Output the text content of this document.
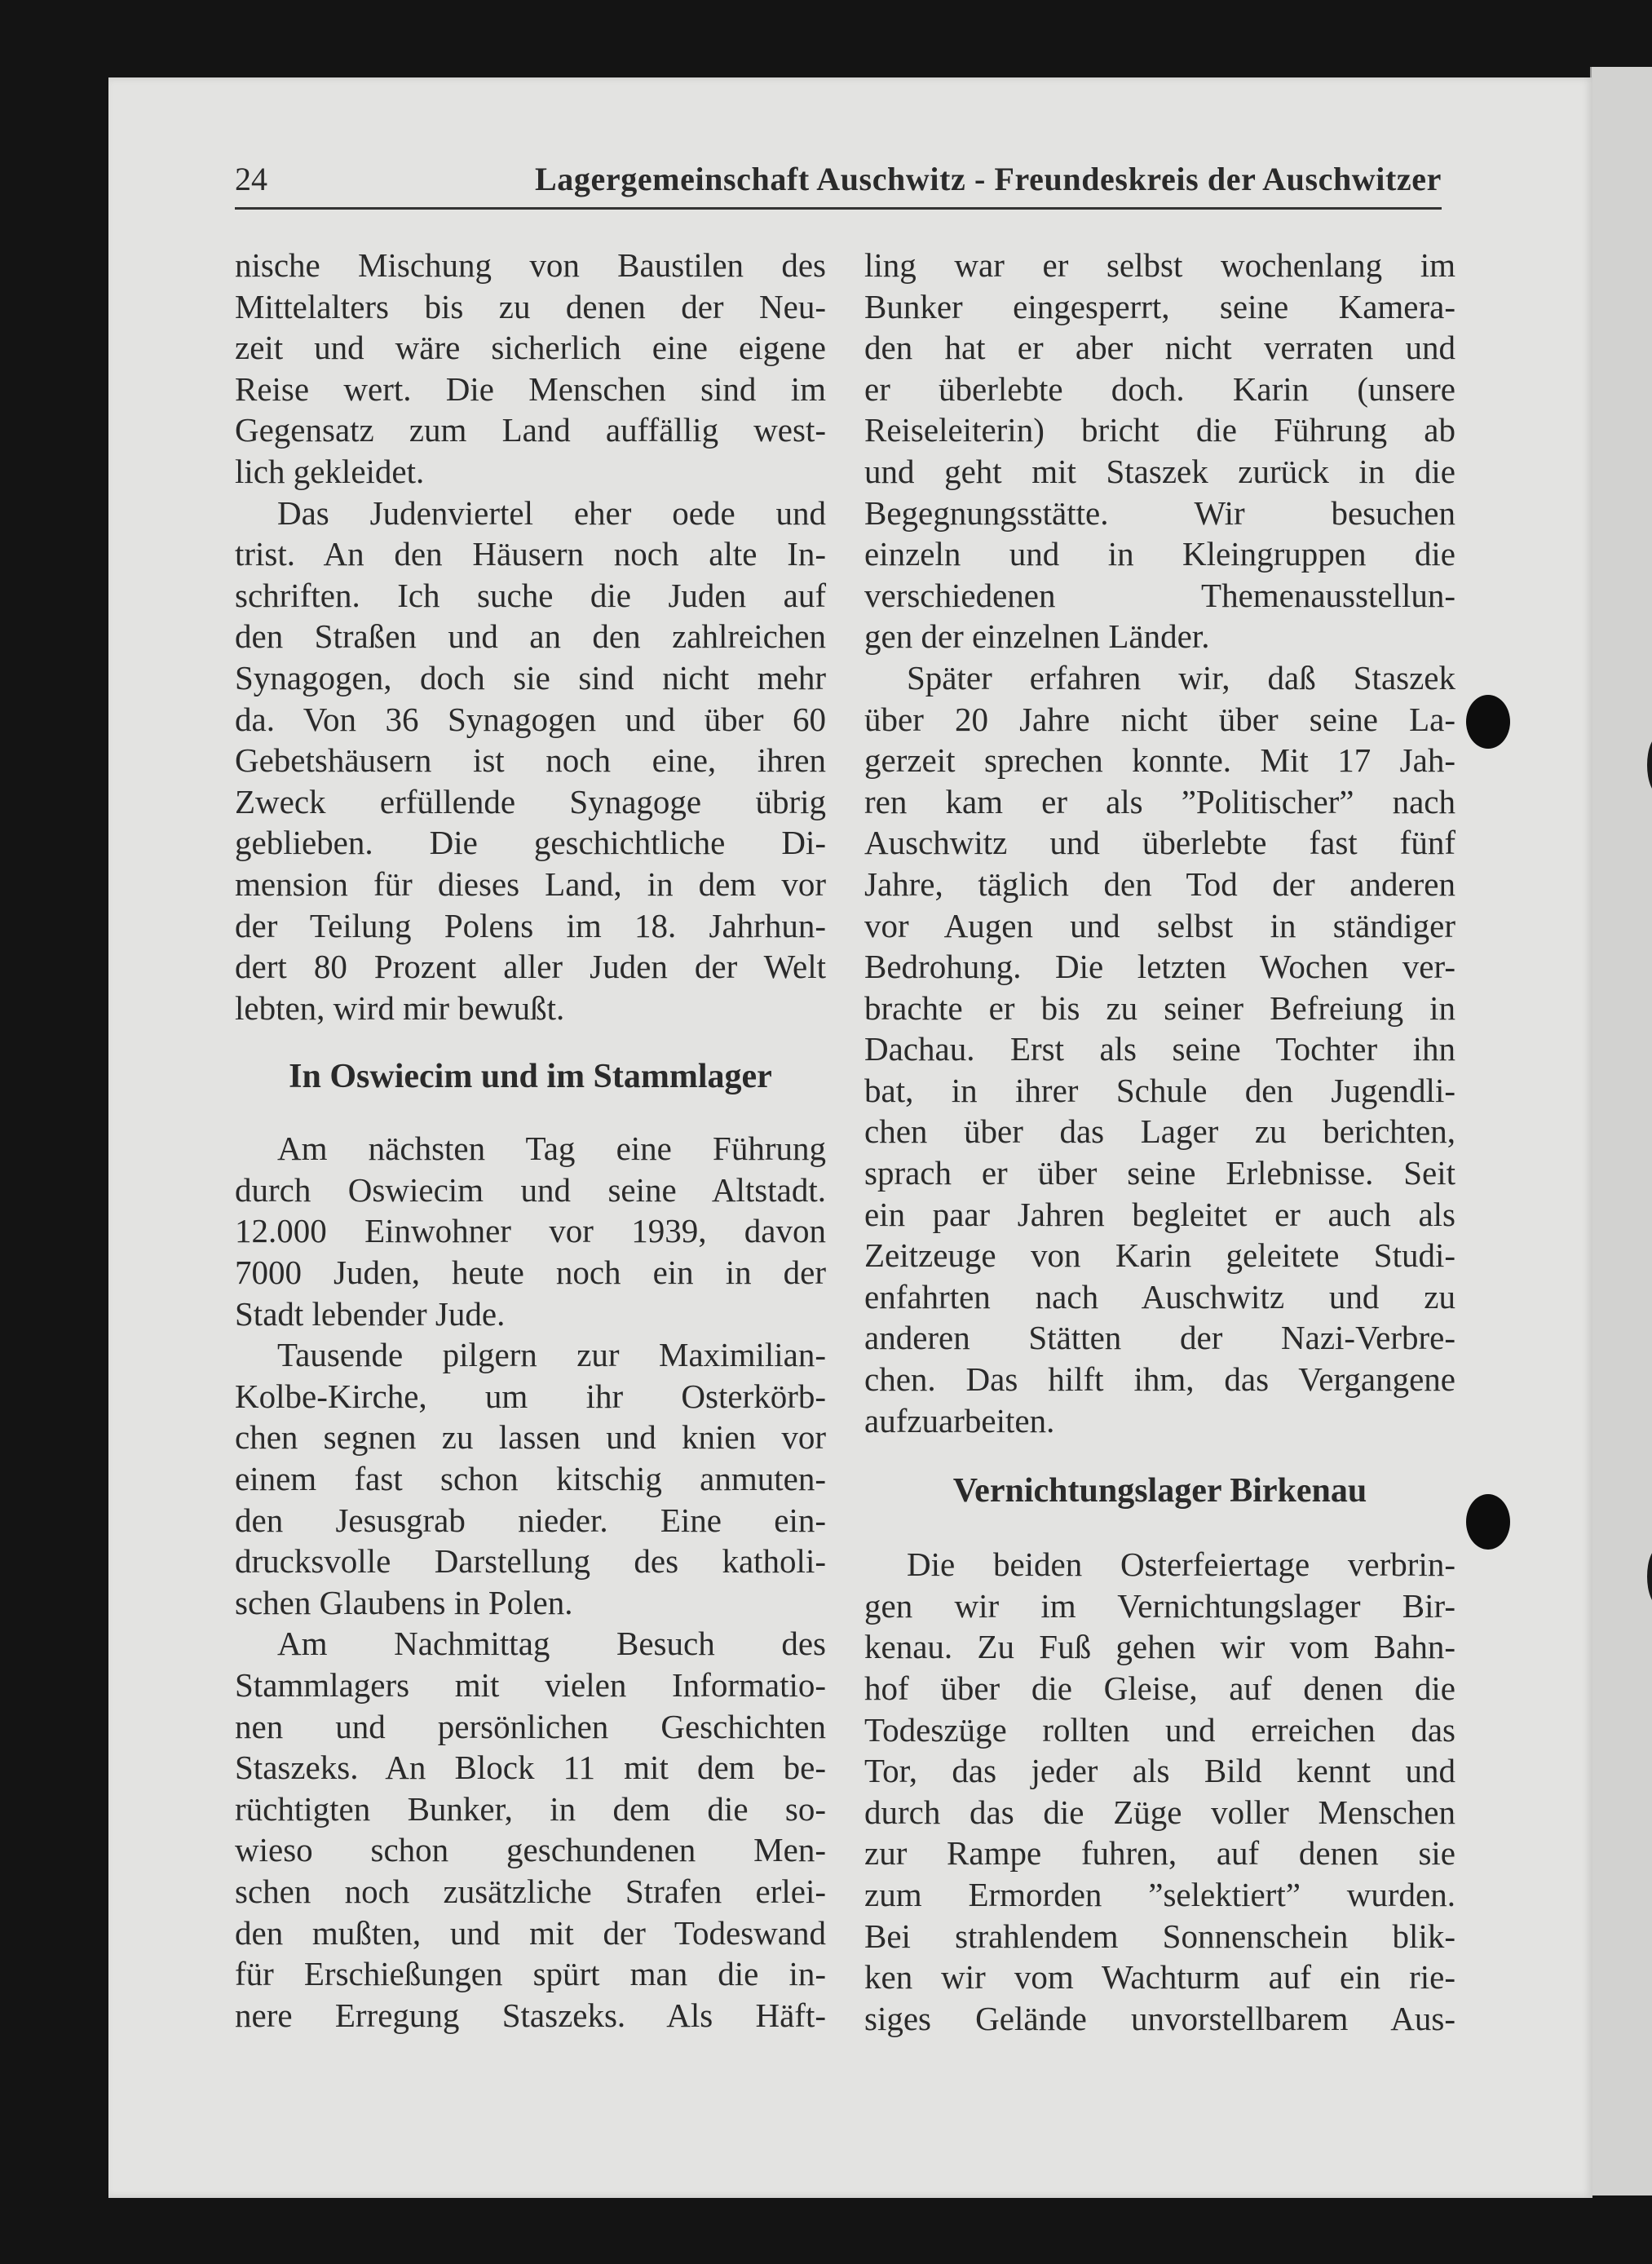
24	Lagergemeinschaft Auschwitz - Freundeskreis der Auschwitzer
nische Mischung von Baustilen des
Mittelalters bis zu denen der Neu-
zeit und wäre sicherlich eine eigene
Reise wert. Die Menschen sind im
Gegensatz zum Land auffällig west-
lich gekleidet.
Das Judenviertel eher oede und
trist. An den Häusern noch alte In-
schriften. Ich suche die Juden auf
den Straßen und an den zahlreichen
Synagogen, doch sie sind nicht mehr
da. Von 36 Synagogen und über 60
Gebetshäusern ist noch eine, ihren
Zweck erfüllende Synagoge übrig
geblieben. Die geschichtliche Di-
mension für dieses Land, in dem vor
der Teilung Polens im 18. Jahrhun-
dert 80 Prozent aller Juden der Welt
lebten, wird mir bewußt.
In Oswiecim und im Stammlager
Am nächsten Tag eine Führung
durch Oswiecim und seine Altstadt.
12.000 Einwohner vor 1939, davon
7000 Juden, heute noch ein in der
Stadt lebender Jude.
Tausende pilgern zur Maximilian-
Kolbe-Kirche, um ihr Osterkörb-
chen segnen zu lassen und knien vor
einem fast schon kitschig anmuten-
den Jesusgrab nieder. Eine ein-
drucksvolle Darstellung des katholi-
schen Glaubens in Polen.
Am Nachmittag Besuch des
Stammlagers mit vielen Informatio-
nen und persönlichen Geschichten
Staszeks. An Block 11 mit dem be-
rüchtigten Bunker, in dem die so-
wieso schon geschundenen Men-
schen noch zusätzliche Strafen erlei-
den mußten, und mit der Todeswand
für Erschießungen spürt man die in-
nere Erregung Staszeks. Als Häft-
ling war er selbst wochenlang im
Bunker eingesperrt, seine Kamera-
den hat er aber nicht verraten und
er überlebte doch. Karin (unsere
Reiseleiterin) bricht die Führung ab
und geht mit Staszek zurück in die
Begegnungsstätte. Wir besuchen
einzeln und in Kleingruppen die
verschiedenen Themenausstellun-
gen der einzelnen Länder.
Später erfahren wir, daß Staszek
über 20 Jahre nicht über seine La-
gerzeit sprechen konnte. Mit 17 Jah-
ren kam er als ”Politischer” nach
Auschwitz und überlebte fast fünf
Jahre, täglich den Tod der anderen
vor Augen und selbst in ständiger
Bedrohung. Die letzten Wochen ver-
brachte er bis zu seiner Befreiung in
Dachau. Erst als seine Tochter ihn
bat, in ihrer Schule den Jugendli-
chen über das Lager zu berichten,
sprach er über seine Erlebnisse. Seit
ein paar Jahren begleitet er auch als
Zeitzeuge von Karin geleitete Studi-
enfahrten nach Auschwitz und zu
anderen Stätten der Nazi-Verbre-
chen. Das hilft ihm, das Vergangene
aufzuarbeiten.
Vernichtungslager Birkenau
Die beiden Osterfeiertage verbrin-
gen wir im Vernichtungslager Bir-
kenau. Zu Fuß gehen wir vom Bahn-
hof über die Gleise, auf denen die
Todeszüge rollten und erreichen das
Tor, das jeder als Bild kennt und
durch das die Züge voller Menschen
zur Rampe fuhren, auf denen sie
zum Ermorden ”selektiert” wurden.
Bei strahlendem Sonnenschein blik-
ken wir vom Wachturm auf ein rie-
siges Gelände unvorstellbarem Aus-
